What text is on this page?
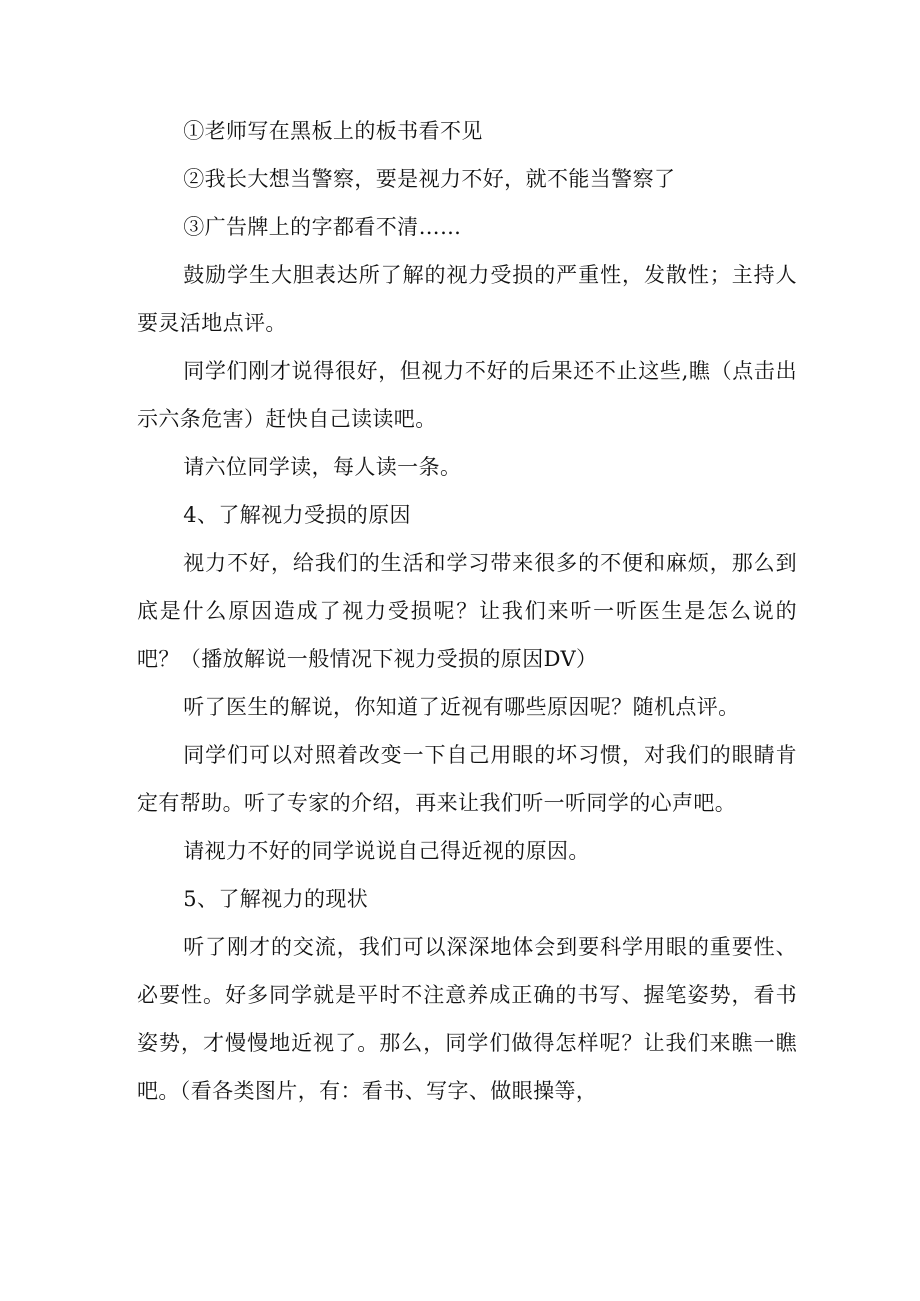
①老师写在黑板上的板书看不见

②我长大想当警察，要是视力不好，就不能当警察了

③广告牌上的字都看不清……

鼓励学生大胆表达所了解的视力受损的严重性，发散性；主持人要灵活地点评。

同学们刚才说得很好，但视力不好的后果还不止这些,瞧（点击出示六条危害）赶快自己读读吧。

请六位同学读，每人读一条。

4、了解视力受损的原因

视力不好，给我们的生活和学习带来很多的不便和麻烦，那么到底是什么原因造成了视力受损呢？让我们来听一听医生是怎么说的吧？（播放解说一般情况下视力受损的原因DV）

听了医生的解说，你知道了近视有哪些原因呢？随机点评。

同学们可以对照着改变一下自己用眼的坏习惯，对我们的眼睛肯定有帮助。听了专家的介绍，再来让我们听一听同学的心声吧。

请视力不好的同学说说自己得近视的原因。

5、了解视力的现状

听了刚才的交流，我们可以深深地体会到要科学用眼的重要性、必要性。好多同学就是平时不注意养成正确的书写、握笔姿势，看书姿势，才慢慢地近视了。那么，同学们做得怎样呢？让我们来瞧一瞧吧。（看各类图片，有：看书、写字、做眼操等，
